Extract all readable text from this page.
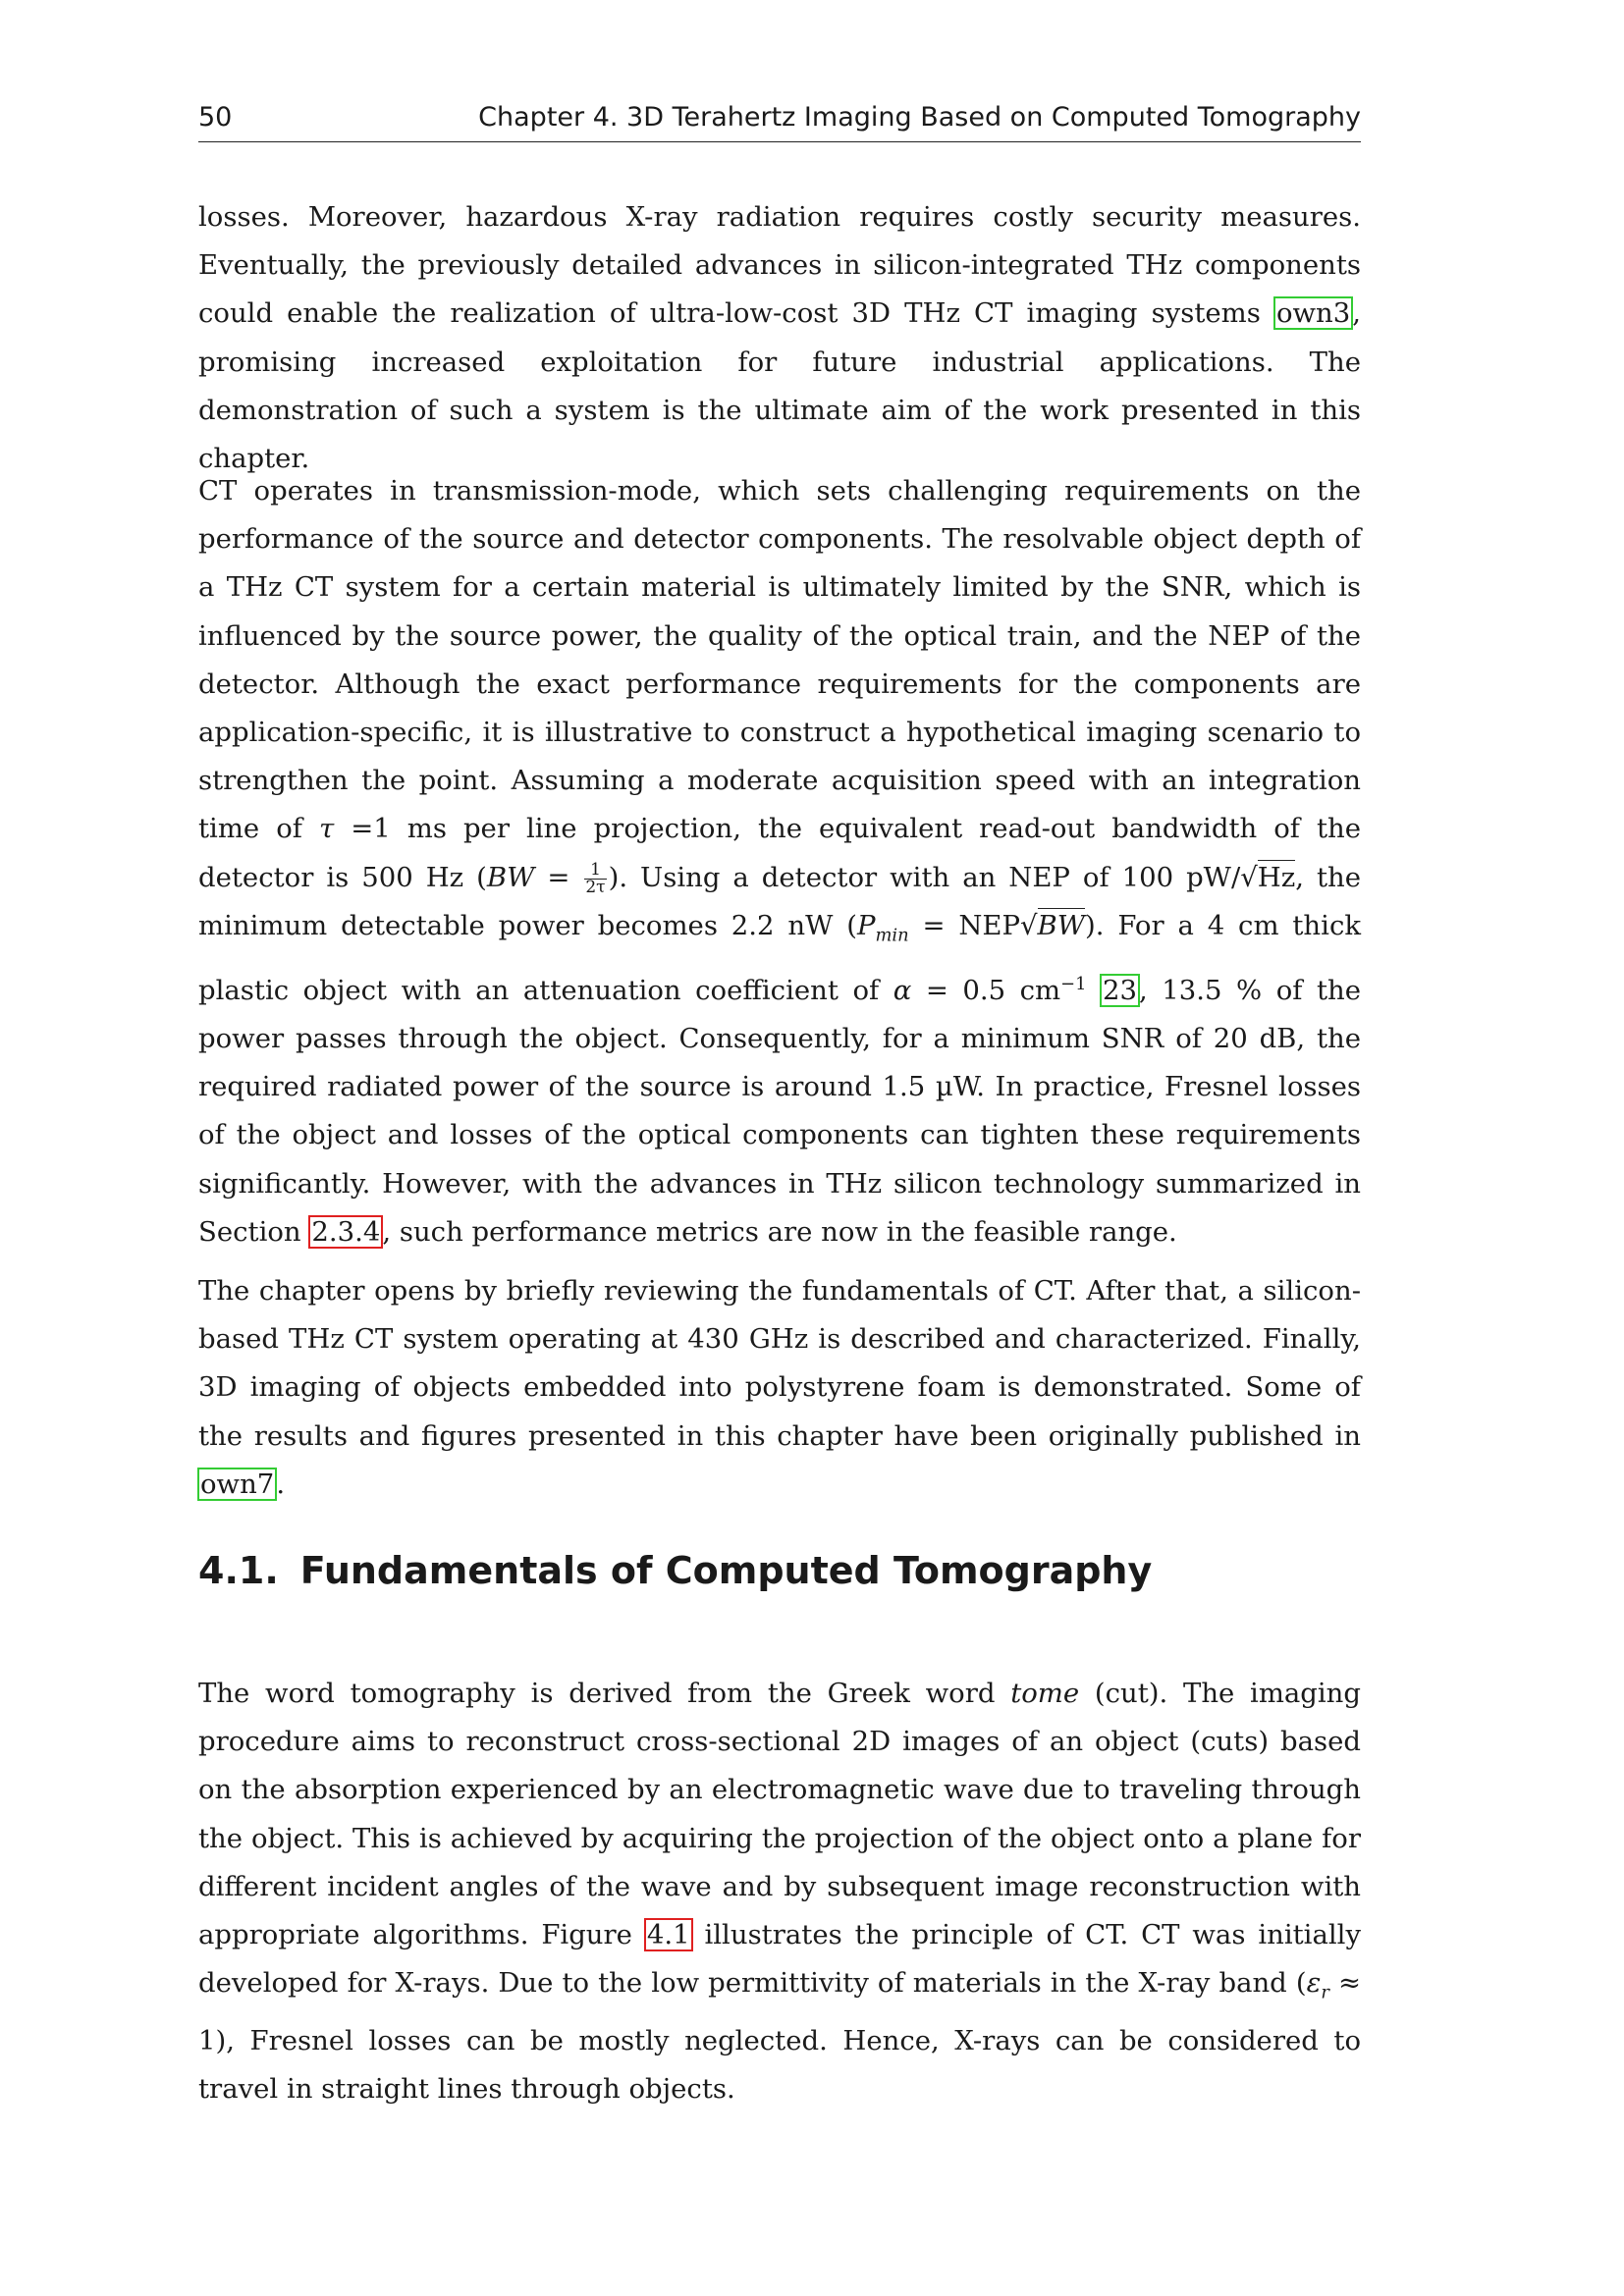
50	Chapter 4. 3D Terahertz Imaging Based on Computed Tomography

losses. Moreover, hazardous X-ray radiation requires costly security measures. Eventually, the previously detailed advances in silicon-integrated THz components could enable the realization of ultra-low-cost 3D THz CT imaging systems own3, promising increased exploitation for future industrial applications. The demonstration of such a system is the ultimate aim of the work presented in this chapter.

CT operates in transmission-mode, which sets challenging requirements on the performance of the source and detector components. The resolvable object depth of a THz CT system for a certain material is ultimately limited by the SNR, which is influenced by the source power, the quality of the optical train, and the NEP of the detector. Although the exact performance requirements for the components are application-specific, it is illustrative to construct a hypothetical imaging scenario to strengthen the point. Assuming a moderate acquisition speed with an integration time of τ =1 ms per line projection, the equivalent read-out bandwidth of the detector is 500 Hz ($BW = \frac{1}{2\tau}$ ). Using a detector with an NEP of 100 pW/√Hz, the minimum detectable power becomes 2.2 nW $(P_{min} = NEP√BW)$. For a 4 cm thick plastic object with an attenuation coefficient of α = 0.5 $cm^{-1}$ 23, 13.5 % of the power passes through the object. Consequently, for a minimum SNR of 20 dB, the required radiated power of the source is around 1.5 µW. In practice, Fresnel losses of the object and losses of the optical components can tighten these requirements significantly. However, with the advances in THz silicon technology summarized in Section 2.3.4, such performance metrics are now in the feasible range.

The chapter opens by briefly reviewing the fundamentals of CT. After that, a silicon-based THz CT system operating at 430 GHz is described and characterized. Finally, 3D imaging of objects embedded into polystyrene foam is demonstrated. Some of the results and figures presented in this chapter have been originally published in own7.

4.1. Fundamentals of Computed Tomography

The word tomography is derived from the Greek word tome (cut). The imaging procedure aims to reconstruct cross-sectional 2D images of an object (cuts) based on the absorption experienced by an electromagnetic wave due to traveling through the object. This is achieved by acquiring the projection of the object onto a plane for different incident angles of the wave and by subsequent image reconstruction with appropriate algorithms. Figure 4.1 illustrates the principle of CT. CT was initially developed for X-rays. Due to the low permittivity of materials in the X-ray band $(\varepsilon_r \approx 1)$, Fresnel losses can be mostly neglected. Hence, X-rays can be considered to travel in straight lines through objects.
